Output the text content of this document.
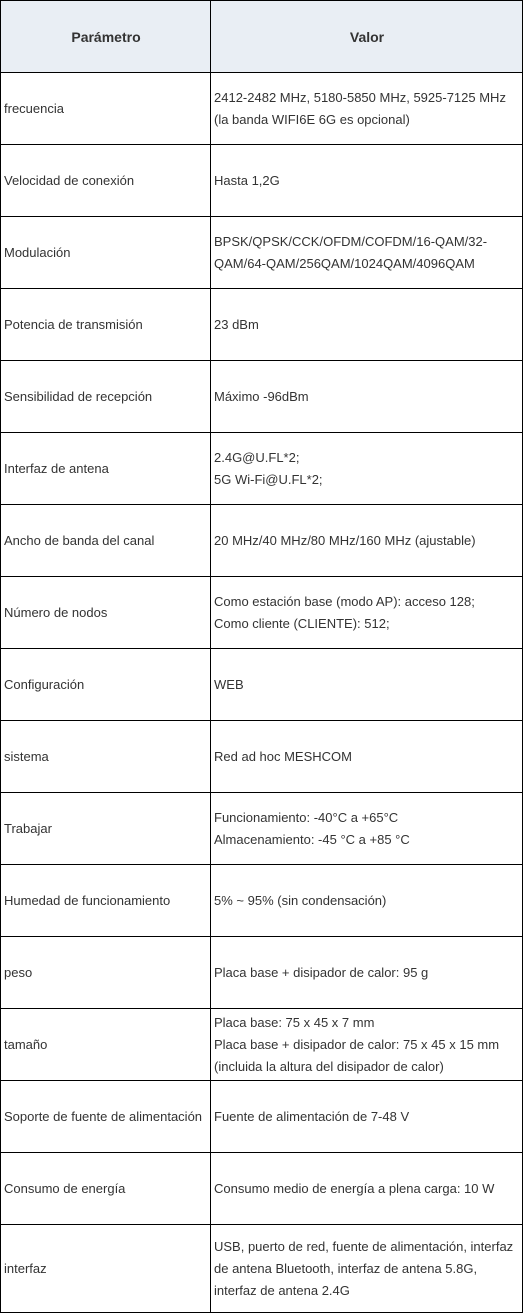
Parámetro	Valor
frecuencia	2412-2482 MHz, 5180-5850 MHz, 5925-7125 MHz (la banda WIFI6E 6G es opcional)
Velocidad de conexión	Hasta 1,2G
Modulación	BPSK/QPSK/CCK/OFDM/COFDM/16-QAM/32-QAM/64-QAM/256QAM/1024QAM/4096QAM
Potencia de transmisión	23 dBm
Sensibilidad de recepción	Máximo -96dBm
Interfaz de antena	2.4G@U.FL*2;
5G Wi-Fi@U.FL*2;

Ancho de banda del canal	20 MHz/40 MHz/80 MHz/160 MHz (ajustable)
Número de nodos	Como estación base (modo AP): acceso 128;
Como cliente (CLIENTE): 512;

Configuración	WEB
sistema	Red ad hoc MESHCOM
Trabajar	Funcionamiento: -40°C a +65°C
Almacenamiento: -45 °C a +85 °C

Humedad de funcionamiento	5% ~ 95% (sin condensación)
peso	Placa base + disipador de calor: 95 g
tamaño	Placa base: 75 x 45 x 7 mm
Placa base + disipador de calor: 75 x 45 x 15 mm (incluida la altura del disipador de calor)

Soporte de fuente de alimentación	Fuente de alimentación de 7-48 V
Consumo de energía	Consumo medio de energía a plena carga: 10 W
interfaz	USB, puerto de red, fuente de alimentación, interfaz de antena Bluetooth, interfaz de antena 5.8G, interfaz de antena 2.4G
